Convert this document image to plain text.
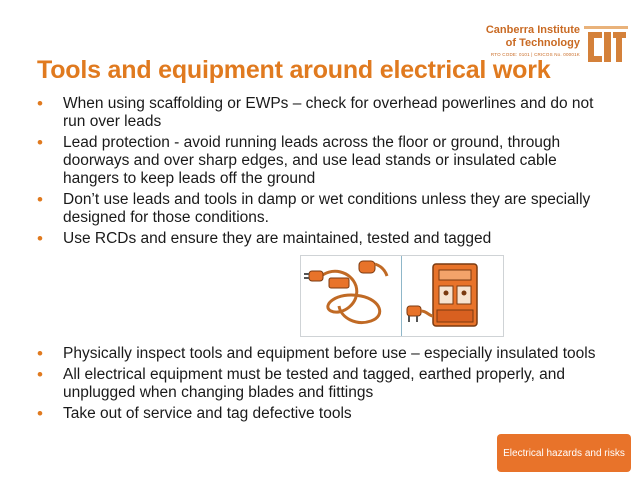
Canberra Institute
of Technology
RTO CODE: 0101 | CRICOS No. 00001K
Tools and equipment around electrical work
• When using scaffolding or EWPs – check for overhead powerlines and do not run over leads
• Lead protection - avoid running leads across the floor or ground, through doorways and over sharp edges, and use lead stands or insulated cable hangers to keep leads off the ground
• Don’t use leads and tools in damp or wet conditions unless they are specially designed for those conditions.
• Use RCDs and ensure they are maintained, tested and tagged
• Physically inspect tools and equipment before use – especially insulated tools
• All electrical equipment must be tested and tagged, earthed properly, and unplugged when changing blades and fittings
• Take out of service and tag defective tools
Electrical hazards and risks
